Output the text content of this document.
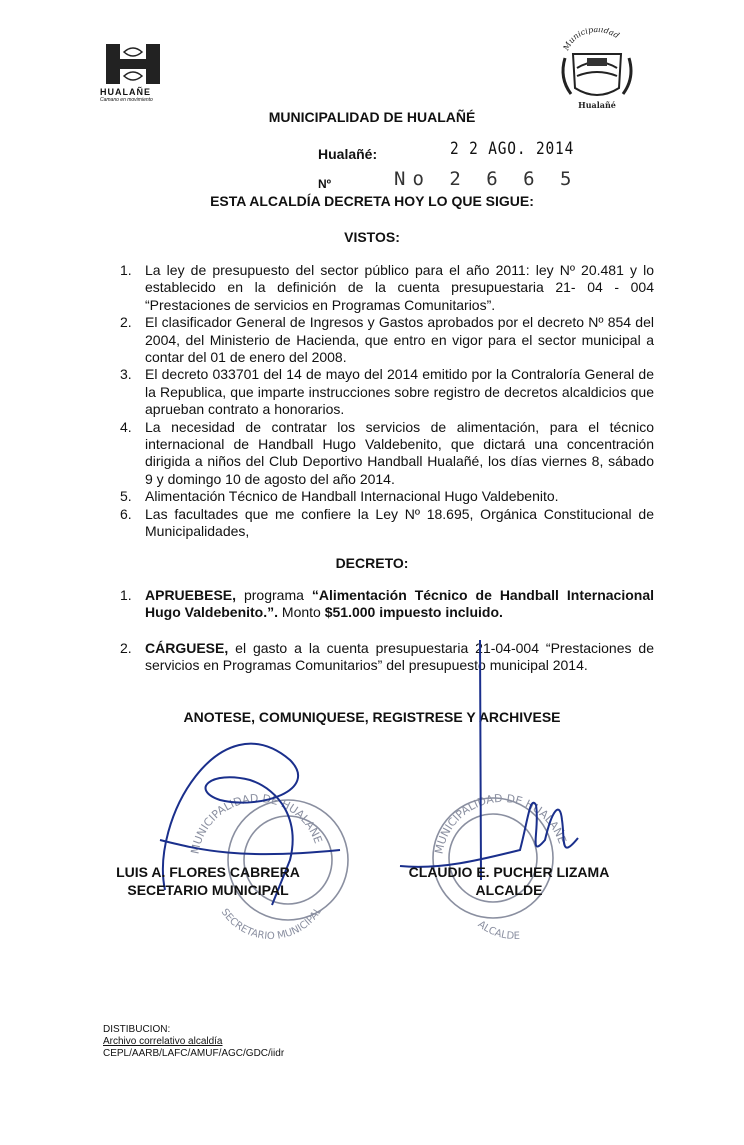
HUALAÑE
Camano en movimiento
Municipalidad
Hualañé
MUNICIPALIDAD DE HUALAÑÉ
Hualañé:	2 2 AGO. 2014
Nº	No 2 6 6 5
ESTA ALCALDÍA DECRETA HOY LO QUE SIGUE:
VISTOS:
1. La ley de presupuesto del sector público para el año 2011: ley Nº 20.481 y lo establecido en la definición de la cuenta presupuestaria 21- 04 - 004 “Prestaciones de servicios en Programas Comunitarios”.
2. El clasificador General de Ingresos y Gastos aprobados por el decreto Nº 854 del 2004, del Ministerio de Hacienda, que entro en vigor para el sector municipal a contar del 01 de enero del 2008.
3. El decreto 033701 del 14 de mayo del 2014 emitido por la Contraloría General de la Republica, que imparte instrucciones sobre registro de decretos alcaldicios que aprueban contrato a honorarios.
4. La necesidad de contratar los servicios de alimentación, para el técnico internacional de Handball Hugo Valdebenito, que dictará una concentración dirigida a niños del Club Deportivo Handball Hualañé, los días viernes 8, sábado 9 y domingo 10 de agosto del año 2014.
5. Alimentación Técnico de Handball Internacional Hugo Valdebenito.
6. Las facultades que me confiere la Ley Nº 18.695, Orgánica Constitucional de Municipalidades,
DECRETO:
1. APRUEBESE, programa “Alimentación Técnico de Handball Internacional Hugo Valdebenito.”. Monto $51.000 impuesto incluido.
2. CÁRGUESE, el gasto a la cuenta presupuestaria 21-04-004 “Prestaciones de servicios en Programas Comunitarios” del presupuesto municipal 2014.
ANOTESE, COMUNIQUESE, REGISTRESE Y ARCHIVESE
MUNICIPALIDAD DE HUALAÑE
SECRETARIO MUNICIPAL
MUNICIPALIDAD DE HUALAÑE
ALCALDE
LUIS A. FLORES CABRERA
SECETARIO MUNICIPAL
CLAUDIO E. PUCHER LIZAMA
ALCALDE
DISTIBUCION:
Archivo correlativo alcaldía
CEPL/AARB/LAFC/AMUF/AGC/GDC/iidr
